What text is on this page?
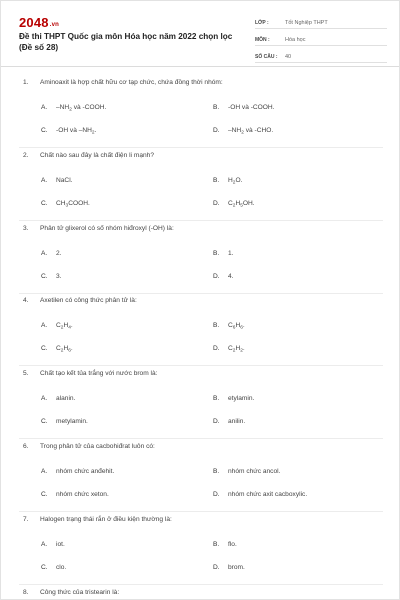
2048.vn
Đề thi THPT Quốc gia môn Hóa học năm 2022 chọn lọc (Đề số 28)
LỚP :	Tốt Nghiệp THPT
MÔN :	Hóa học
SỐ CÂU :	40
1. Aminoaxit là hợp chất hữu cơ tạp chức, chứa đồng thời nhóm:
A. $-NH_2$ và -COOH.	B. -OH và -COOH.
C. -OH và $-NH_2$.	D. $-NH_2$ và -CHO.
2. Chất nào sau đây là chất điện li mạnh?
A. NaCl.	B. $H_2O$.
C. $CH_3COOH$.	D. $C_2H_5OH$.
3. Phân tử glixerol có số nhóm hiđroxyl (-OH) là:
A. 2.	B. 1.
C. 3.	D. 4.
4. Axetilen có công thức phân tử là:
A. $C_2H_4$.	B. $C_6H_6$.
C. $C_2H_6$.	D. $C_2H_2$.
5. Chất tạo kết tủa trắng với nước brom là:
A. alanin.	B. etylamin.
C. metylamin.	D. anilin.
6. Trong phân tử của cacbohiđrat luôn có:
A. nhóm chức anđehit.	B. nhóm chức ancol.
C. nhóm chức xeton.	D. nhóm chức axit cacboxylic.
7. Halogen trạng thái rắn ở điều kiện thường là:
A. iot.	B. flo.
C. clo.	D. brom.
8. Công thức của tristearin là:
